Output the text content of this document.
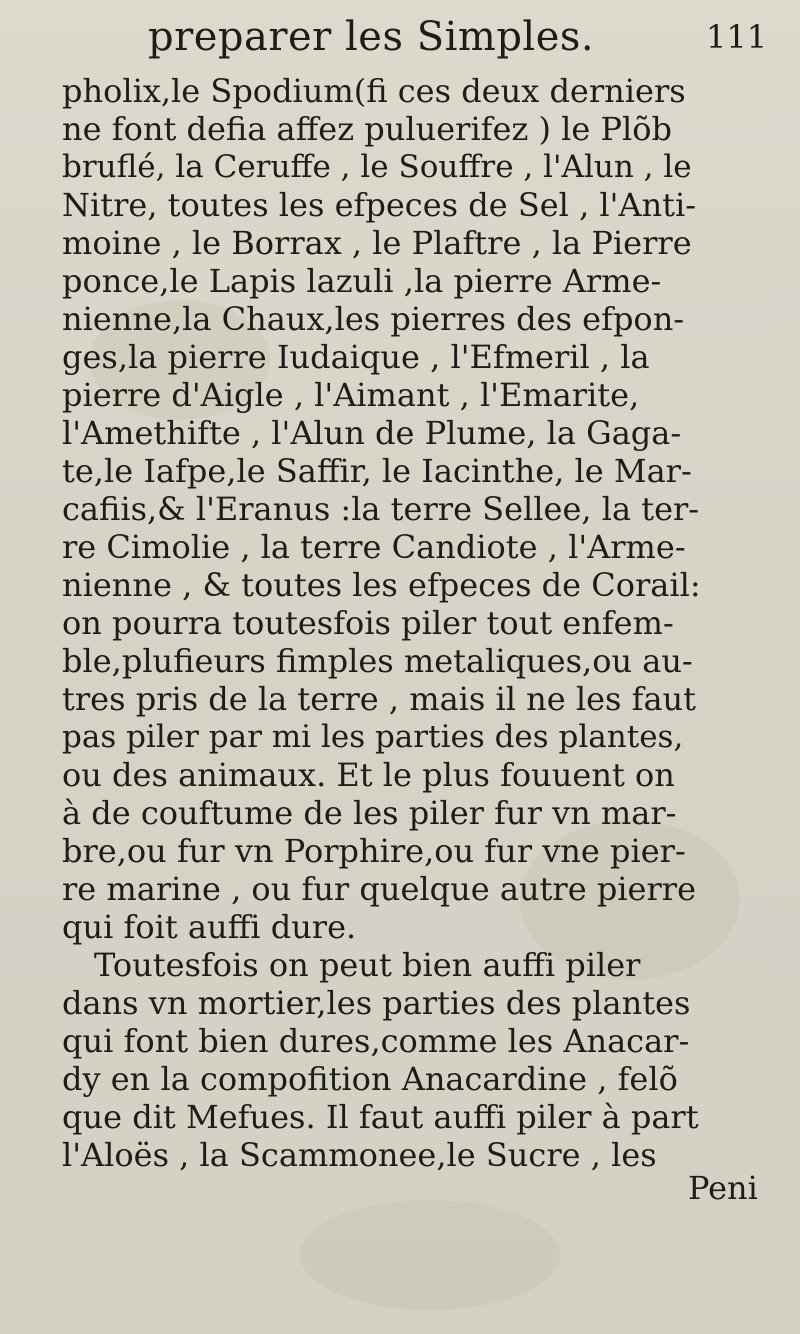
preparer les Simples.	111
pholix,le Spodium(fi ces deux derniers
ne font defia affez puluerifez ) le Plõb
bruflé, la Ceruffe , le Souffre , l'Alun , le
Nitre, toutes les efpeces de Sel , l'Anti-
moine , le Borrax , le Plaftre , la Pierre
ponce,le Lapis lazuli ,la pierre Arme-
nienne,la Chaux,les pierres des efpon-
ges,la pierre Iudaique , l'Efmeril , la
pierre d'Aigle , l'Aimant , l'Emarite,
l'Amethifte , l'Alun de Plume, la Gaga-
te,le Iafpe,le Saffir, le Iacinthe, le Mar-
cafiis,& l'Eranus :la terre Sellee, la ter-
re Cimolie , la terre Candiote , l'Arme-
nienne , & toutes les efpeces de Corail:
on pourra toutesfois piler tout enfem-
ble,plufieurs fimples metaliques,ou au-
tres pris de la terre , mais il ne les faut
pas piler par mi les parties des plantes,
ou des animaux. Et le plus fouuent on
à de couftume de les piler fur vn mar-
bre,ou fur vn Porphire,ou fur vne pier-
re marine , ou fur quelque autre pierre
qui foit auffi dure.
Toutesfois on peut bien auffi piler
dans vn mortier,les parties des plantes
qui font bien dures,comme les Anacar-
dy en la compofition Anacardine , felõ
que dit Mefues. Il faut auffi piler à part
l'Aloës , la Scammonee,le Sucre , les
Peni
